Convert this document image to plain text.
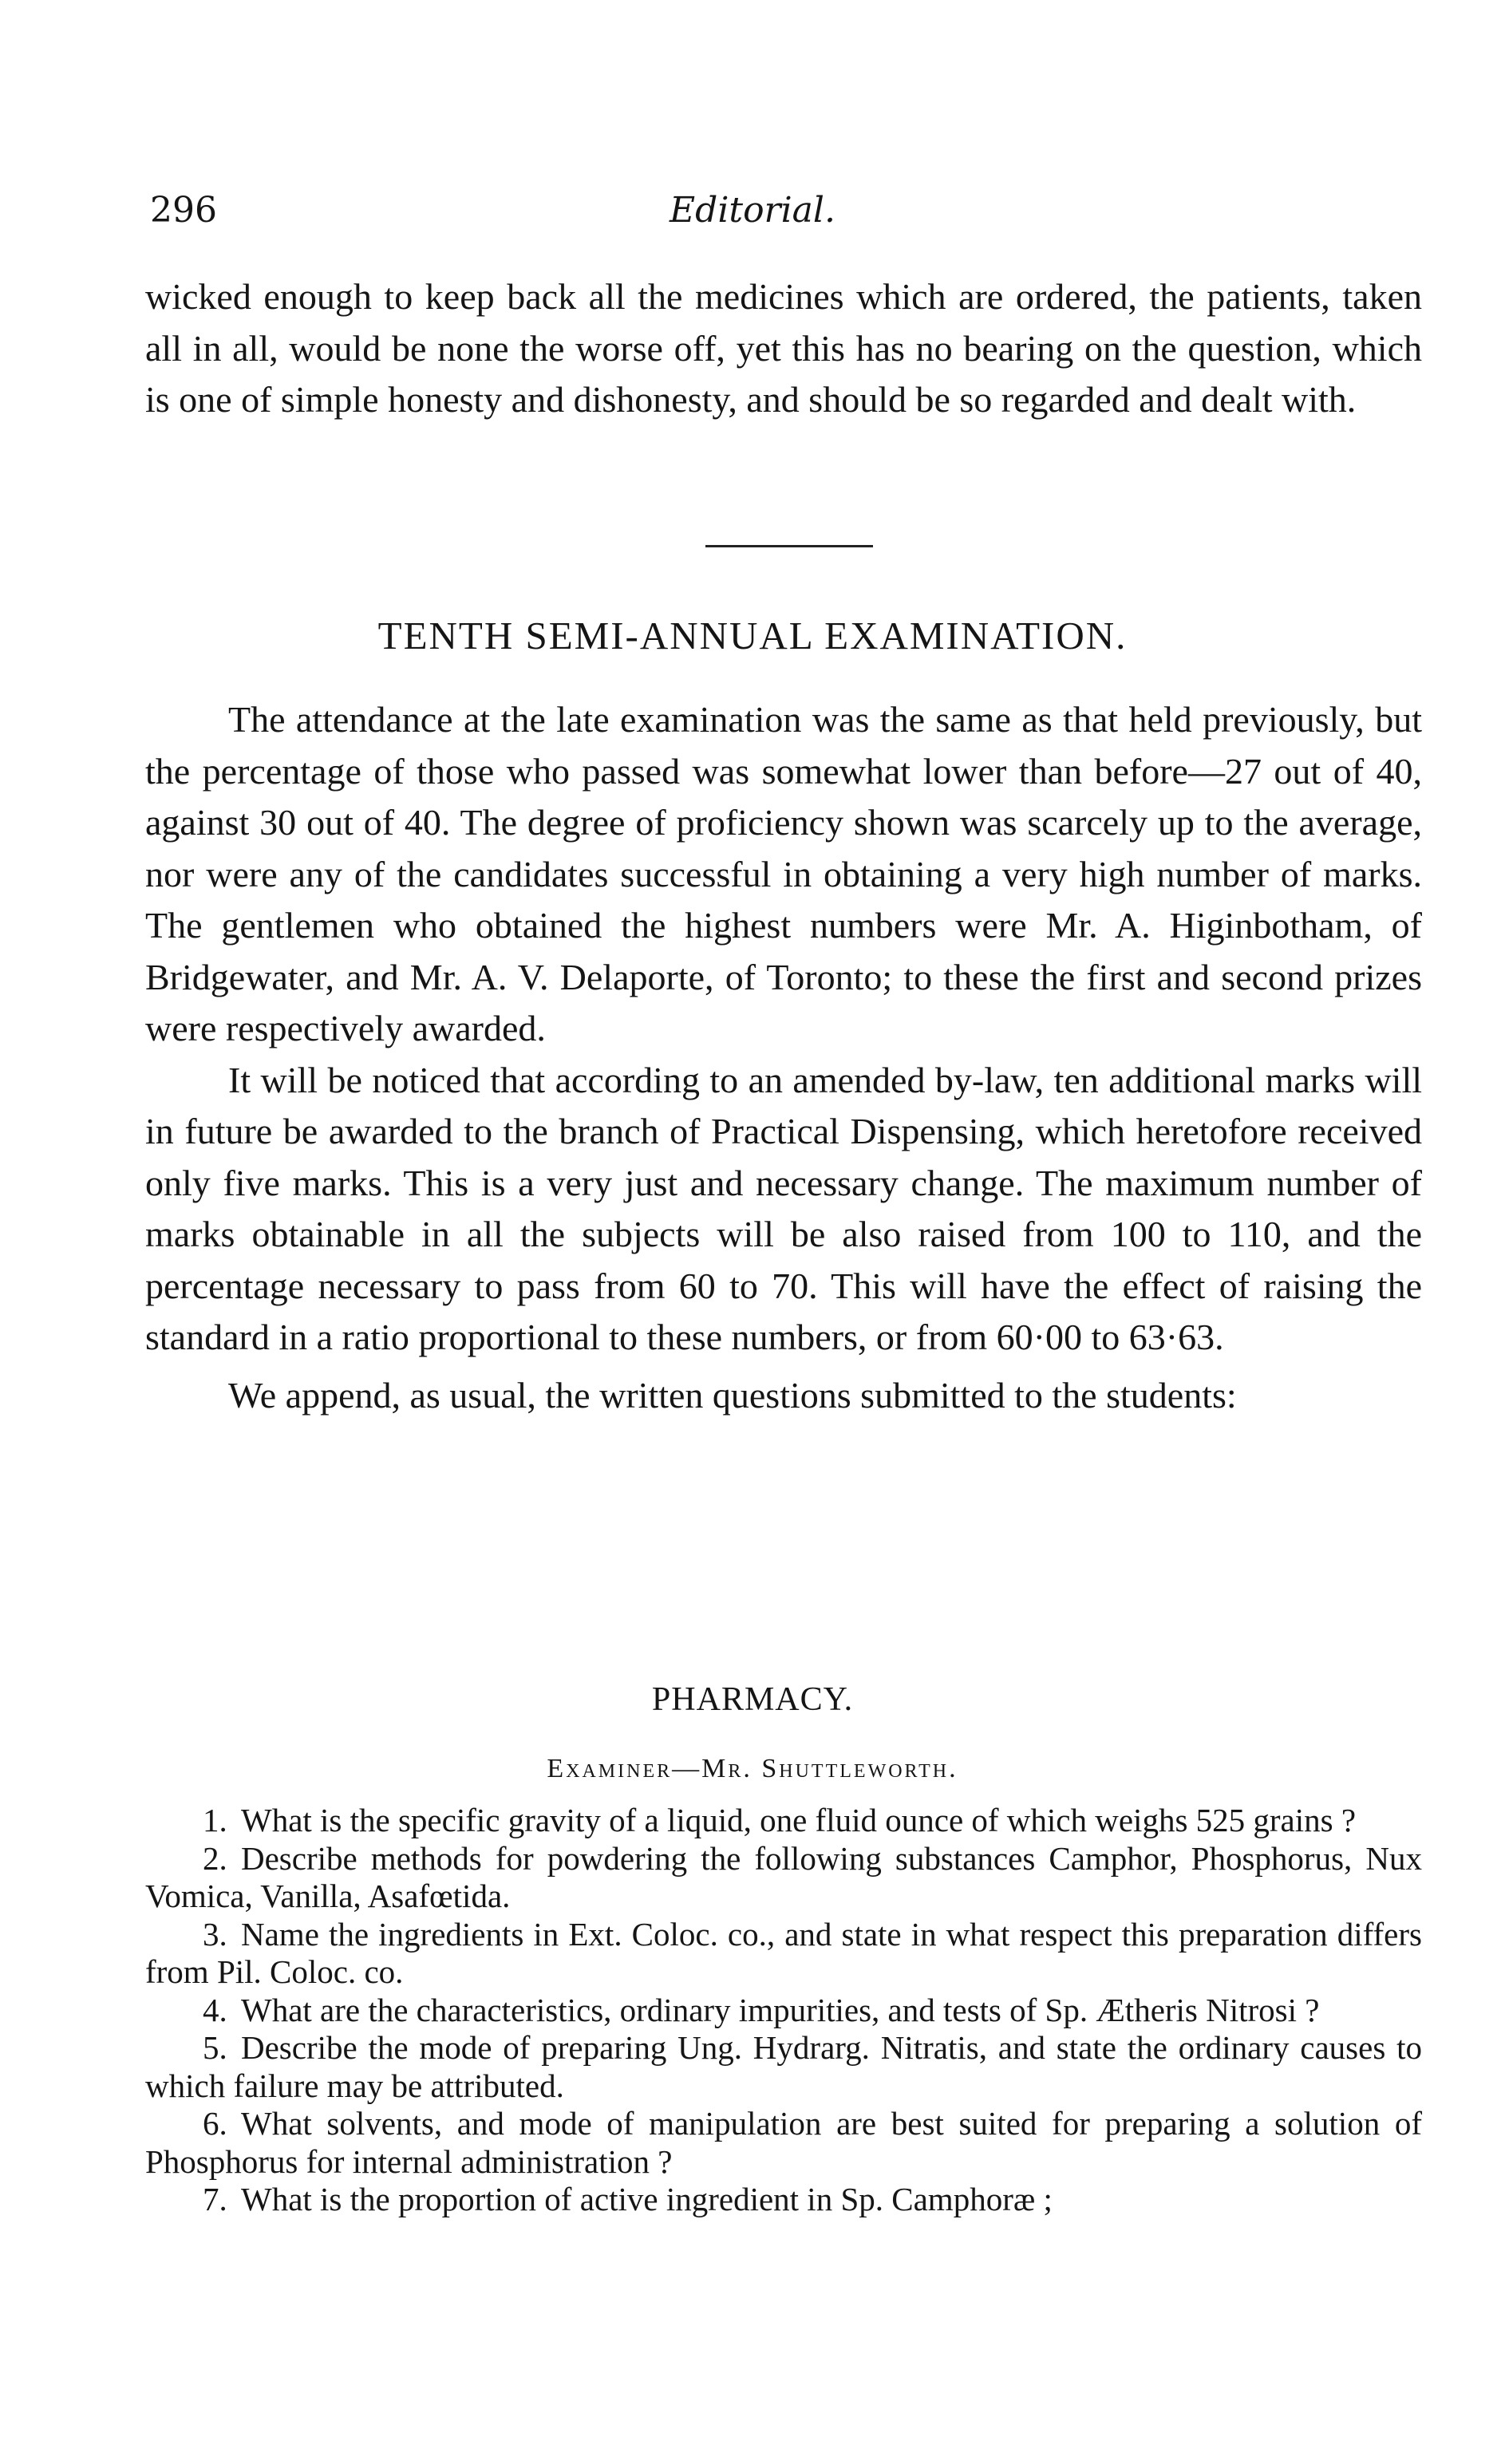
296	Editorial.

wicked enough to keep back all the medicines which are ordered, the patients, taken all in all, would be none the worse off, yet this has no bearing on the question, which is one of simple honesty and dishonesty, and should be so regarded and dealt with.

TENTH SEMI-ANNUAL EXAMINATION.

The attendance at the late examination was the same as that held previously, but the percentage of those who passed was somewhat lower than before—27 out of 40, against 30 out of 40. The degree of proficiency shown was scarcely up to the average, nor were any of the candidates successful in obtaining a very high number of marks. The gentlemen who obtained the highest numbers were Mr. A. Higinbotham, of Bridgewater, and Mr. A. V. Delaporte, of Toronto; to these the first and second prizes were respectively awarded.

It will be noticed that according to an amended by-law, ten additional marks will in future be awarded to the branch of Practical Dispensing, which heretofore received only five marks. This is a very just and necessary change. The maximum number of marks obtainable in all the subjects will be also raised from 100 to 110, and the percentage necessary to pass from 60 to 70. This will have the effect of raising the standard in a ratio proportional to these numbers, or from 60·00 to 63·63.

We append, as usual, the written questions submitted to the students:

PHARMACY.
Examiner—Mr. Shuttleworth.

1. What is the specific gravity of a liquid, one fluid ounce of which weighs 525 grains ?

2. Describe methods for powdering the following substances Camphor, Phosphorus, Nux Vomica, Vanilla, Asafœtida.

3. Name the ingredients in Ext. Coloc. co., and state in what respect this preparation differs from Pil. Coloc. co.

4. What are the characteristics, ordinary impurities, and tests of Sp. Ætheris Nitrosi ?

5. Describe the mode of preparing Ung. Hydrarg. Nitratis, and state the ordinary causes to which failure may be attributed.

6. What solvents, and mode of manipulation are best suited for preparing a solution of Phosphorus for internal administration ?

7. What is the proportion of active ingredient in Sp. Camphoræ ;
